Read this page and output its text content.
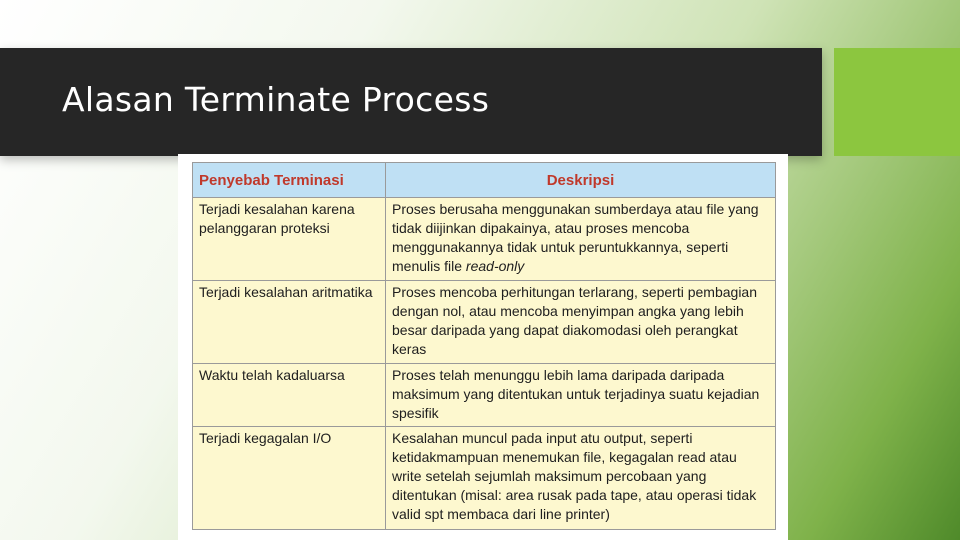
Alasan Terminate Process
Penyebab Terminasi	Deskripsi
Terjadi kesalahan karena pelanggaran proteksi	Proses berusaha menggunakan sumberdaya atau file yang tidak diijinkan dipakainya, atau proses mencoba menggunakannya tidak untuk peruntukkannya, seperti menulis file read-only
Terjadi kesalahan aritmatika	Proses mencoba perhitungan terlarang, seperti pembagian dengan nol, atau mencoba menyimpan angka yang lebih besar daripada yang dapat diakomodasi oleh perangkat keras
Waktu telah kadaluarsa	Proses telah menunggu lebih lama daripada daripada maksimum yang ditentukan untuk terjadinya suatu kejadian spesifik
Terjadi kegagalan I/O	Kesalahan muncul pada input atu output, seperti ketidakmampuan menemukan file, kegagalan read atau write setelah sejumlah maksimum percobaan yang ditentukan (misal: area rusak pada tape, atau operasi tidak valid spt membaca dari line printer)
